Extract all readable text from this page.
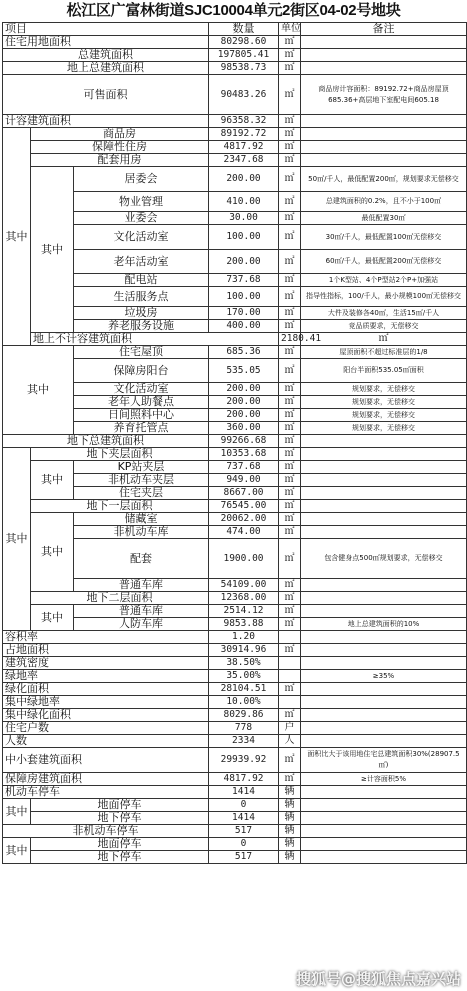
松江区广富林街道SJC10004单元2街区04-02号地块
项目			数量	单位	备注	
住宅用地面积			80298.60	㎡		
总建筑面积			197805.41	㎡		
地上总建筑面积			98538.73	㎡		
可售面积			90483.26	㎡	商品房计容面积：89192.72+商品房屋顶685.36+高层地下室配电间605.18	
计容建筑面积			96358.32	㎡		
其中	商品房		89192.72	㎡		
	保障性住房		4817.92	㎡		
	配套用房		2347.68	㎡		
	其中	居委会	200.00	㎡	50㎡/千人，最低配置200㎡，规划要求无偿移交	
		物业管理	410.00	㎡	总建筑面积的0.2%，且不小于100㎡	
		业委会	30.00	㎡	最低配置30㎡	
		文化活动室	100.00	㎡	30㎡/千人，最低配置100㎡无偿移交	
		老年活动室	200.00	㎡	60㎡/千人，最低配置200㎡无偿移交	
		配电站	737.68	㎡	1个K型站、4个P型站2个P+加强站	
		生活服务点	100.00	㎡	指导性指标，100/千人，最小规模100㎡无偿移交	
		垃圾房	170.00	㎡	大件及装修各40㎡，生活15㎡/千人	
		养老服务设施	400.00	㎡	竞品质要求，无偿移交	
	地上不计容建筑面积			2180.41	㎡	
其中		住宅屋顶	685.36	㎡	屋顶面积不超过标准层的1/8	
		保障房阳台	535.05	㎡	阳台半面积535.05㎡面积	
		文化活动室	200.00	㎡	规划要求，无偿移交	
		老年人助餐点	200.00	㎡	规划要求，无偿移交	
		日间照料中心	200.00	㎡	规划要求，无偿移交	
		养育托管点	360.00	㎡	规划要求，无偿移交	
地下总建筑面积			99266.68	㎡		
其中	地下夹层面积		10353.68	㎡		
	其中	KP站夹层	737.68	㎡		
		非机动车夹层	949.00	㎡		
		住宅夹层	8667.00	㎡		
	地下一层面积		76545.00	㎡		
	其中	储藏室	20062.00	㎡		
		非机动车库	474.00	㎡		
		配套	1900.00	㎡	包含健身点500㎡规划要求，无偿移交	
		普通车库	54109.00	㎡		
	地下二层面积		12368.00	㎡		
	其中	普通车库	2514.12	㎡		
		人防车库	9853.88	㎡	地上总建筑面积的10%	
容积率			1.20			
占地面积			30914.96	㎡		
建筑密度			38.50%			
绿地率			35.00%		≥35%	
绿化面积			28104.51	㎡		
集中绿地率			10.00%			
集中绿化面积			8029.86	㎡		
住宅户数			778	户		
人数			2334	人		
中小套建筑面积			29939.92	㎡	面积比大于该用地住宅总建筑面积30%(28907.5㎡)	
保障房建筑面积			4817.92	㎡	≥计容面积5%	
机动车停车			1414	辆		
其中	地面停车		0	辆		
	地下停车		1414	辆		
非机动车停车			517	辆		
其中	地面停车		0	辆		
	地下停车		517	辆		
搜狐号@搜狐焦点嘉兴站
